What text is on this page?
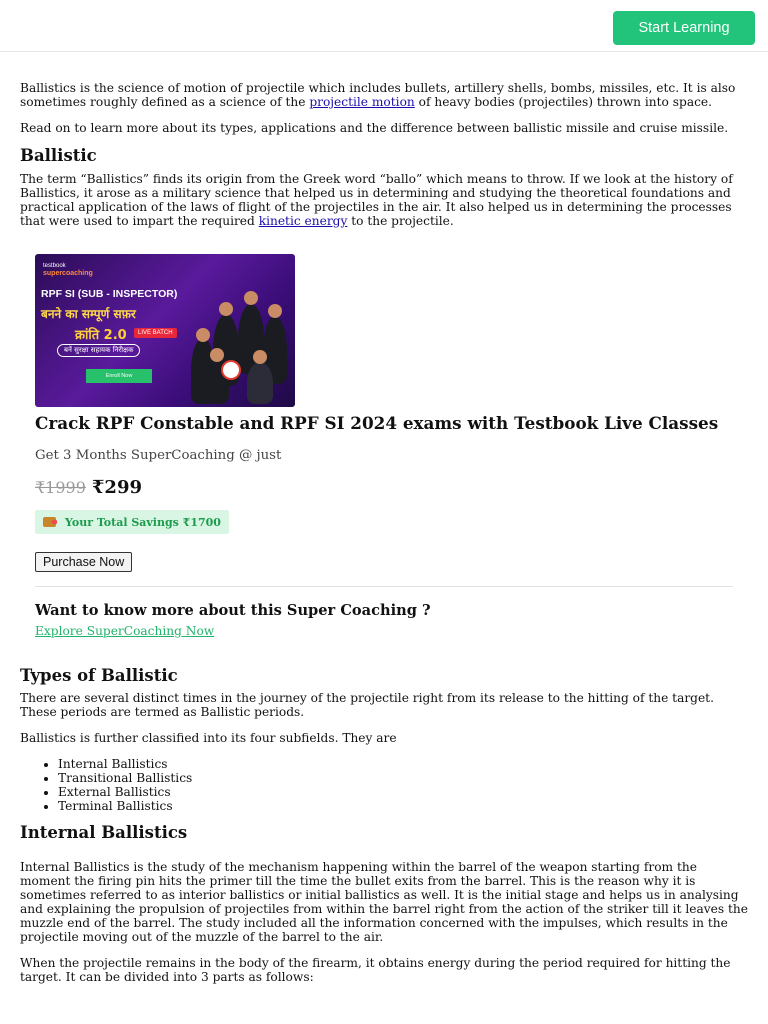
Start Learning

Ballistics is the science of motion of projectile which includes bullets, artillery shells, bombs, missiles, etc. It is also sometimes roughly defined as a science of the projectile motion of heavy bodies (projectiles) thrown into space.

Read on to learn more about its types, applications and the difference between ballistic missile and cruise missile.

Ballistic

The term “Ballistics” finds its origin from the Greek word “ballo” which means to throw. If we look at the history of Ballistics, it arose as a military science that helped us in determining and studying the theoretical foundations and practical application of the laws of flight of the projectiles in the air. It also helped us in determining the processes that were used to impart the required kinetic energy to the projectile.

testbook
supercoaching
RPF SI (SUB - INSPECTOR)
बनने का सम्पूर्ण सफ़र
क्रांति 2.0	LIVE BATCH
बनें सुरक्षा सहायक निरीक्षक
Enroll Now
Crack RPF Constable and RPF SI 2024 exams with Testbook Live Classes

Get 3 Months SuperCoaching @ just

₹1999 ₹299
Your Total Savings ₹1700
Purchase Now
Want to know more about this Super Coaching ?
Explore SuperCoaching Now
Types of Ballistic

There are several distinct times in the journey of the projectile right from its release to the hitting of the target. These periods are termed as Ballistic periods.

Ballistics is further classified into its four subfields. They are

• Internal Ballistics
• Transitional Ballistics
• External Ballistics
• Terminal Ballistics
Internal Ballistics

Internal Ballistics is the study of the mechanism happening within the barrel of the weapon starting from the moment the firing pin hits the primer till the time the bullet exits from the barrel. This is the reason why it is sometimes referred to as interior ballistics or initial ballistics as well. It is the initial stage and helps us in analysing and explaining the propulsion of projectiles from within the barrel right from the action of the striker till it leaves the muzzle end of the barrel. The study included all the information concerned with the impulses, which results in the projectile moving out of the muzzle of the barrel to the air.

When the projectile remains in the body of the firearm, it obtains energy during the period required for hitting the target. It can be divided into 3 parts as follows:
